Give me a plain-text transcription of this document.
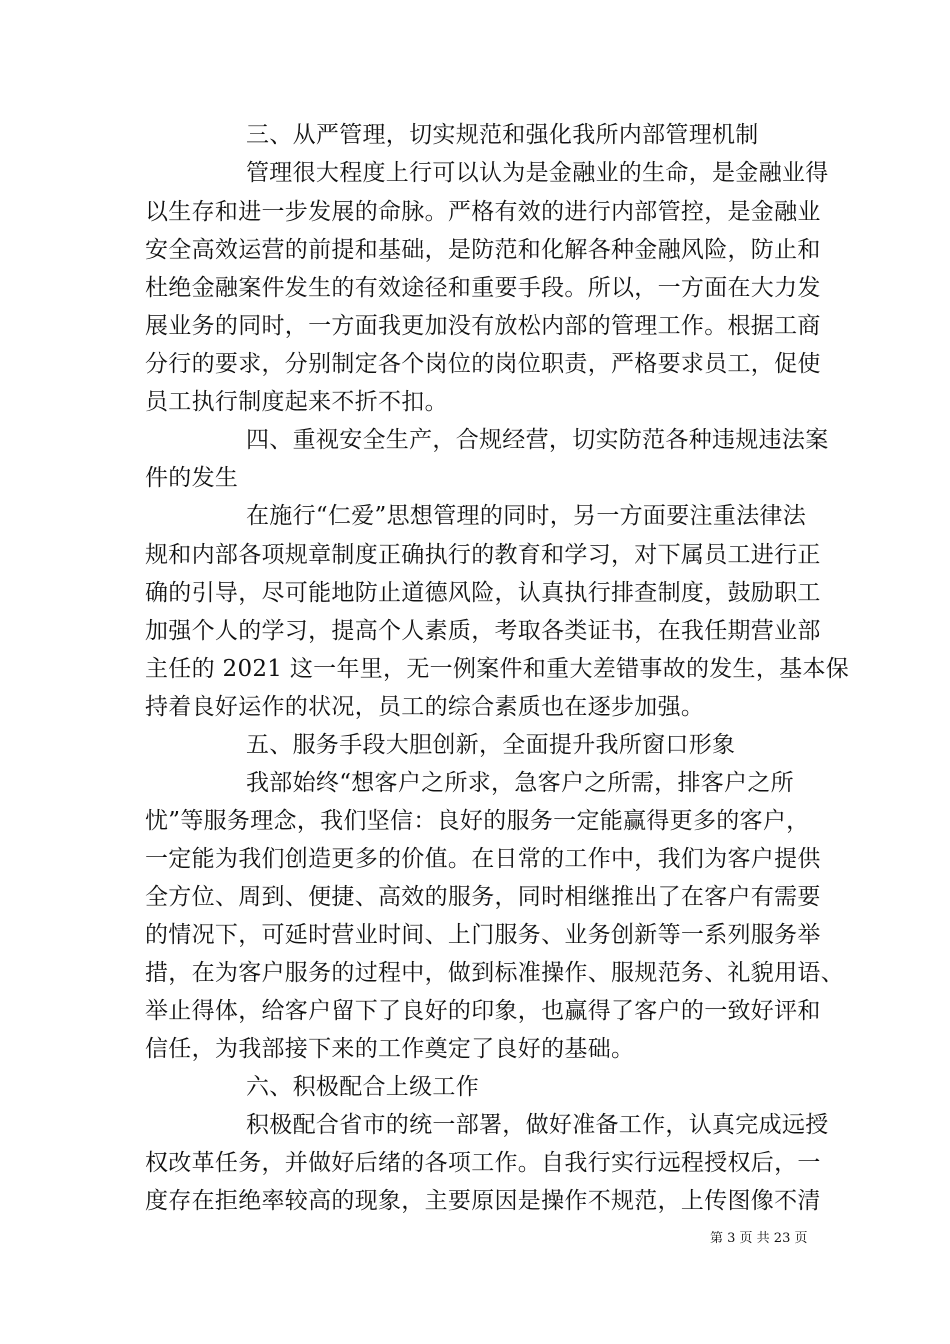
三、从严管理，切实规范和强化我所内部管理机制
管理很大程度上行可以认为是金融业的生命，是金融业得
以生存和进一步发展的命脉。严格有效的进行内部管控，是金融业
安全高效运营的前提和基础，是防范和化解各种金融风险，防止和
杜绝金融案件发生的有效途径和重要手段。所以，一方面在大力发
展业务的同时，一方面我更加没有放松内部的管理工作。根据工商
分行的要求，分别制定各个岗位的岗位职责，严格要求员工，促使
员工执行制度起来不折不扣。
四、重视安全生产，合规经营，切实防范各种违规违法案
件的发生
在施行“仁爱”思想管理的同时，另一方面要注重法律法
规和内部各项规章制度正确执行的教育和学习，对下属员工进行正
确的引导，尽可能地防止道德风险，认真执行排查制度，鼓励职工
加强个人的学习，提高个人素质，考取各类证书，在我任期营业部
主任的 2021 这一年里，无一例案件和重大差错事故的发生，基本保
持着良好运作的状况，员工的综合素质也在逐步加强。
五、服务手段大胆创新，全面提升我所窗口形象
我部始终“想客户之所求，急客户之所需，排客户之所
忧”等服务理念，我们坚信：良好的服务一定能赢得更多的客户，
一定能为我们创造更多的价值。在日常的工作中，我们为客户提供
全方位、周到、便捷、高效的服务，同时相继推出了在客户有需要
的情况下，可延时营业时间、上门服务、业务创新等一系列服务举
措，在为客户服务的过程中，做到标准操作、服规范务、礼貌用语、
举止得体，给客户留下了良好的印象，也赢得了客户的一致好评和
信任，为我部接下来的工作奠定了良好的基础。
六、积极配合上级工作
积极配合省市的统一部署，做好准备工作，认真完成远授
权改革任务，并做好后绪的各项工作。自我行实行远程授权后，一
度存在拒绝率较高的现象，主要原因是操作不规范，上传图像不清
第 3 页 共 23 页
